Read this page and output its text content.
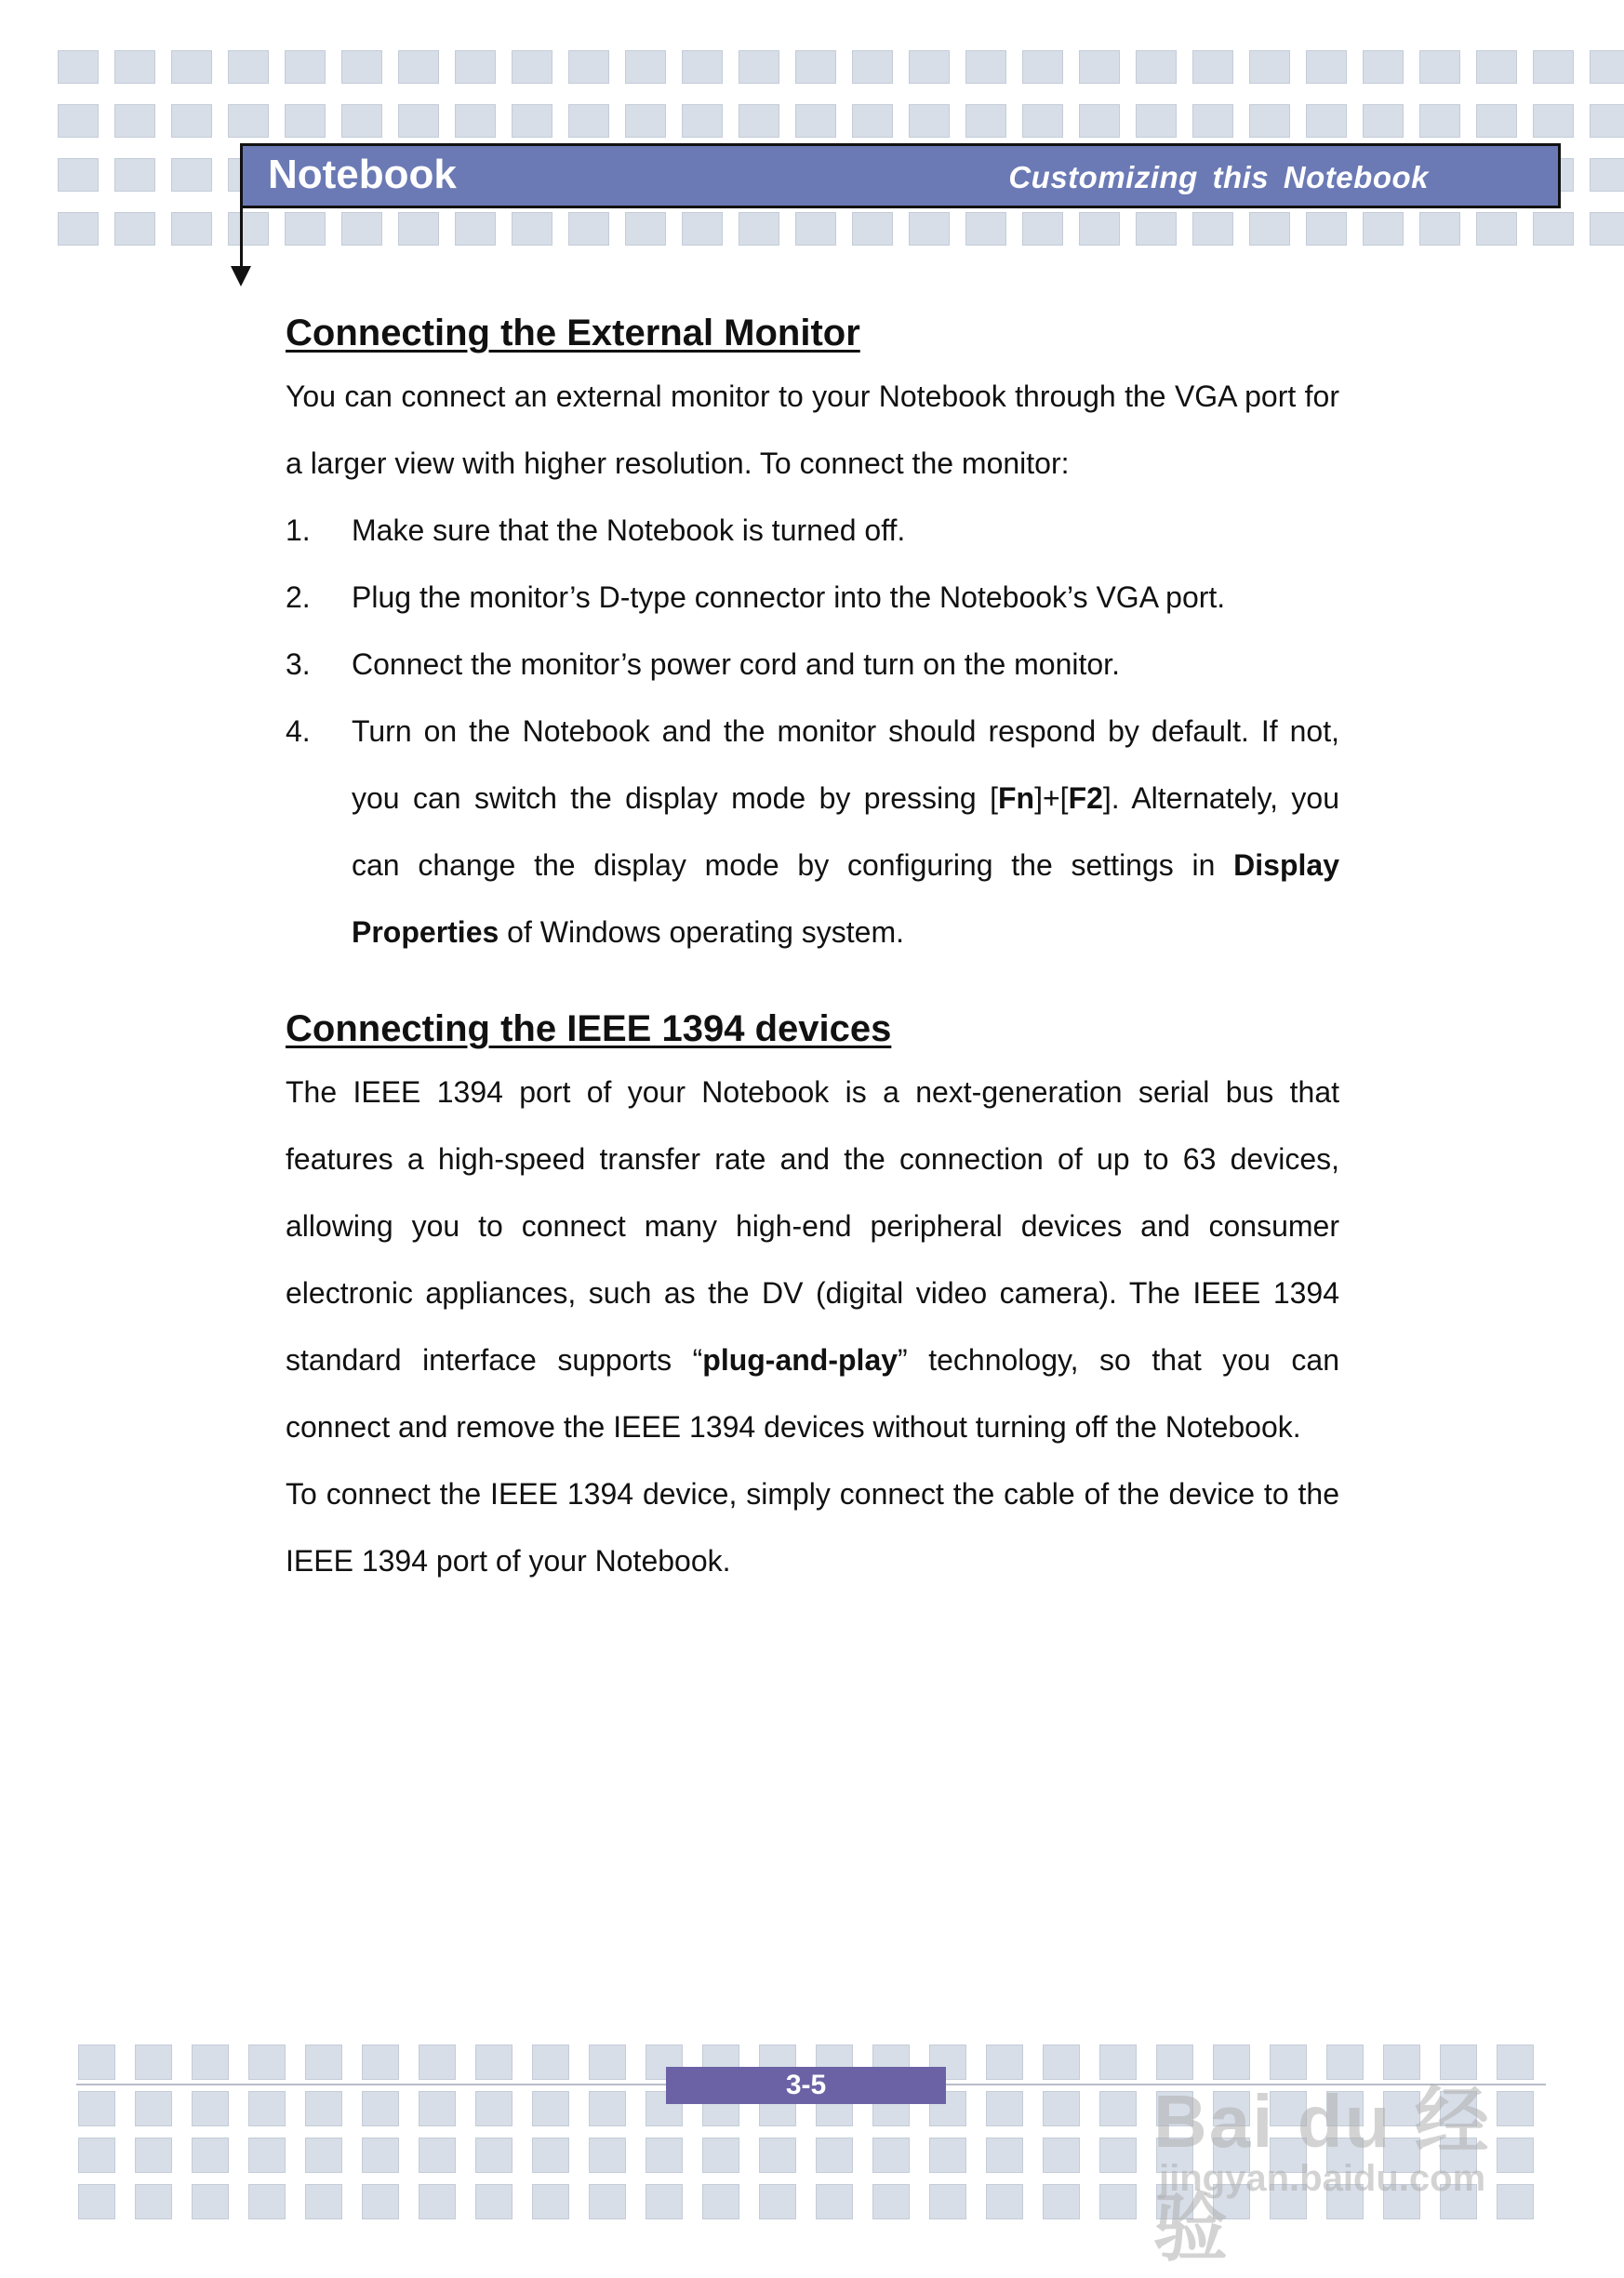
Notebook	Customizing this Notebook
Connecting the External Monitor

You can connect an external monitor to your Notebook through the VGA port for a larger view with higher resolution. To connect the monitor:

1. Make sure that the Notebook is turned off.
2. Plug the monitor’s D-type connector into the Notebook’s VGA port.
3. Connect the monitor’s power cord and turn on the monitor.
4. Turn on the Notebook and the monitor should respond by default. If not, you can switch the display mode by pressing [Fn]+[F2]. Alternately, you can change the display mode by configuring the settings in Display Properties of Windows operating system.
Connecting the IEEE 1394 devices

The IEEE 1394 port of your Notebook is a next-generation serial bus that features a high-speed transfer rate and the connection of up to 63 devices, allowing you to connect many high-end peripheral devices and consumer electronic appliances, such as the DV (digital video camera). The IEEE 1394 standard interface supports “plug-and-play” technology, so that you can connect and remove the IEEE 1394 devices without turning off the Notebook.

To connect the IEEE 1394 device, simply connect the cable of the device to the IEEE 1394 port of your Notebook.

3-5	Bai du 经验
jingyan.baidu.com
